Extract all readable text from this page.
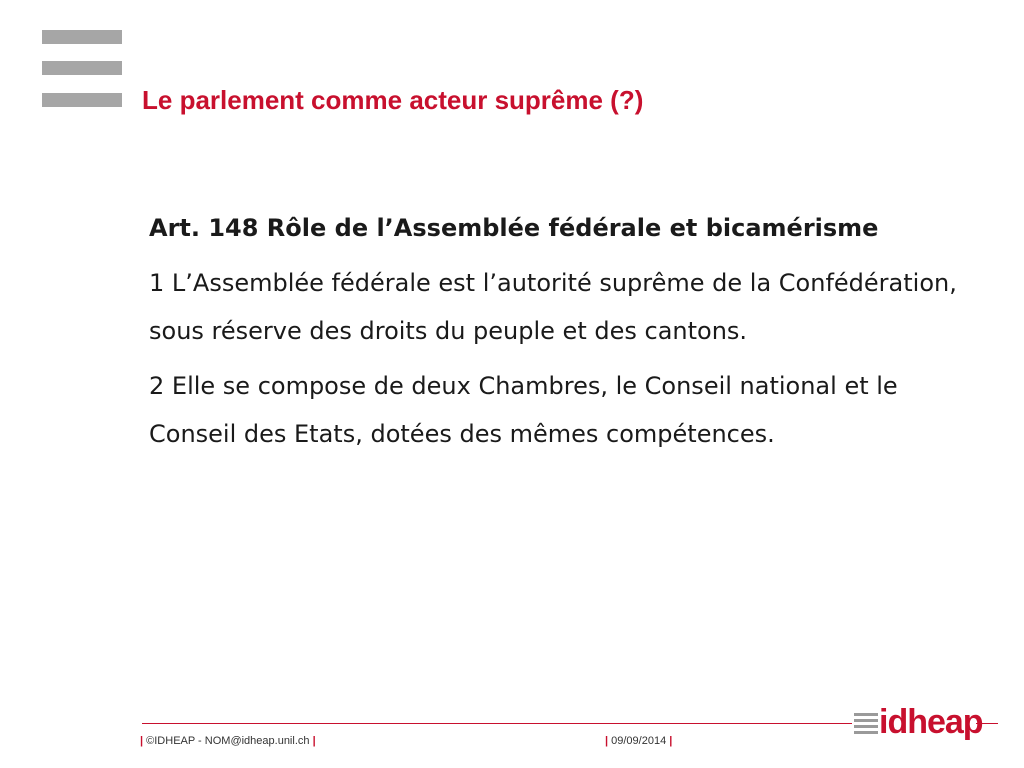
Le parlement comme acteur suprême (?)

Art. 148 Rôle de l’Assemblée fédérale et bicamérisme

1 L’Assemblée fédérale est l’autorité suprême de la Confédération, sous réserve des droits du peuple et des cantons.

2 Elle se compose de deux Chambres, le Conseil national et le Conseil des Etats, dotées des mêmes compétences.

| ©IDHEAP - NOM@idheap.unil.ch |	| 09/09/2014 |	idheap
